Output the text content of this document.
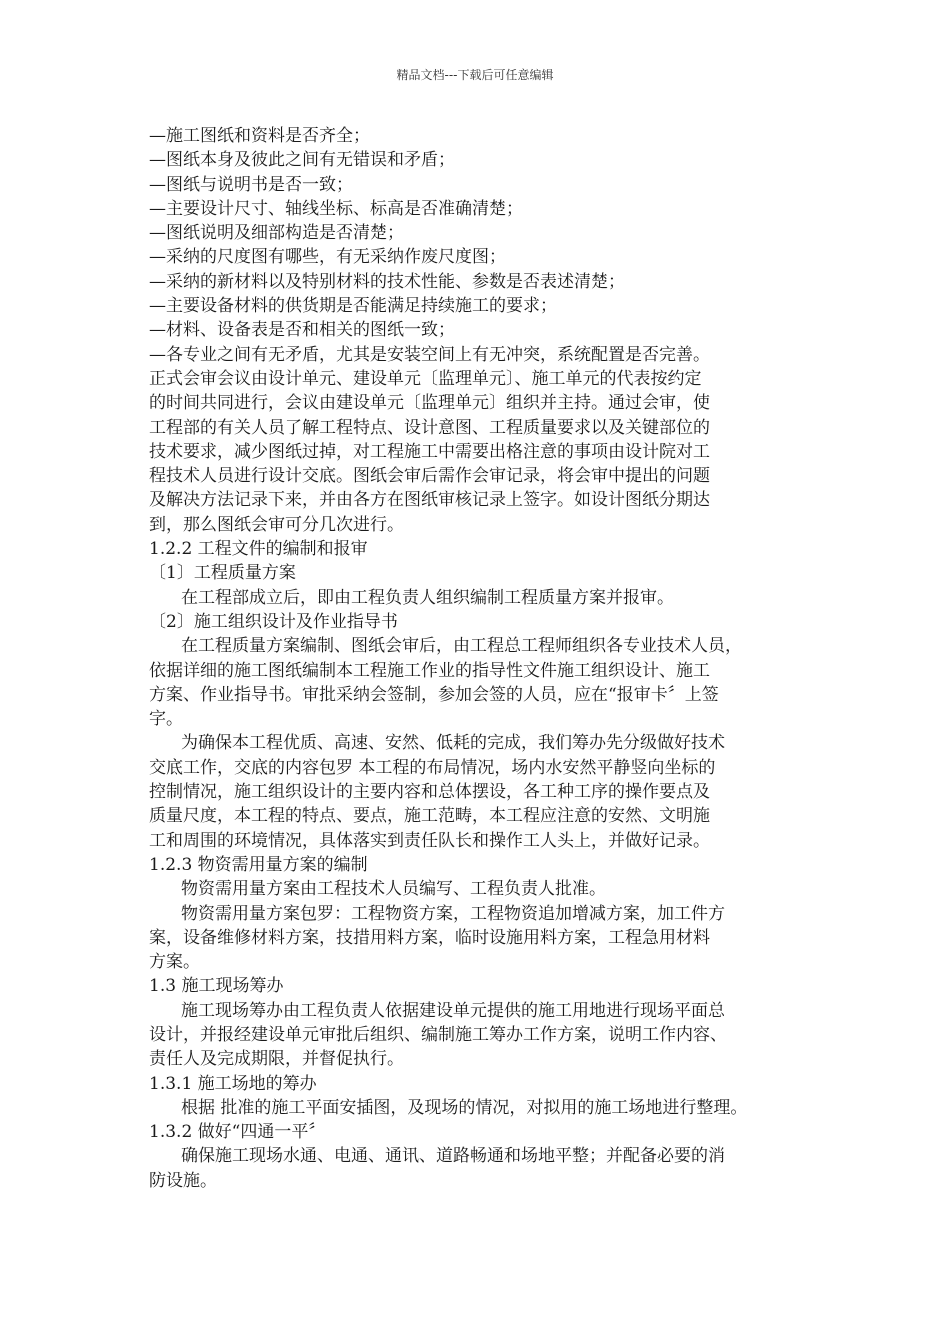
精品文档---下载后可任意编辑
—施工图纸和资料是否齐全；
—图纸本身及彼此之间有无错误和矛盾；
—图纸与说明书是否一致；
—主要设计尺寸、轴线坐标、标高是否准确清楚；
—图纸说明及细部构造是否清楚；
—采纳的尺度图有哪些，有无采纳作废尺度图；
—采纳的新材料以及特别材料的技术性能、参数是否表述清楚；
—主要设备材料的供货期是否能满足持续施工的要求；
—材料、设备表是否和相关的图纸一致；
—各专业之间有无矛盾，尤其是安装空间上有无冲突，系统配置是否完善。
正式会审会议由设计单元、建设单元〔监理单元〕、施工单元的代表按约定
的时间共同进行，会议由建设单元〔监理单元〕组织并主持。通过会审，使
工程部的有关人员了解工程特点、设计意图、工程质量要求以及关键部位的
技术要求，减少图纸过掉，对工程施工中需要出格注意的事项由设计院对工
程技术人员进行设计交底。图纸会审后需作会审记录，将会审中提出的问题
及解决方法记录下来，并由各方在图纸审核记录上签字。如设计图纸分期达
到，那么图纸会审可分几次进行。
1.2.2 工程文件的编制和报审
〔1〕工程质量方案
在工程部成立后，即由工程负责人组织编制工程质量方案并报审。
〔2〕施工组织设计及作业指导书
在工程质量方案编制、图纸会审后，由工程总工程师组织各专业技术人员，
依据详细的施工图纸编制本工程施工作业的指导性文件施工组织设计、施工
方案、作业指导书。审批采纳会签制，参加会签的人员，应在“报审卡〞上签
字。
为确保本工程优质、高速、安然、低耗的完成，我们筹办先分级做好技术
交底工作，交底的内容包罗 本工程的布局情况，场内水安然平静竖向坐标的
控制情况，施工组织设计的主要内容和总体摆设，各工种工序的操作要点及
质量尺度，本工程的特点、要点，施工范畴，本工程应注意的安然、文明施
工和周围的环境情况，具体落实到责任队长和操作工人头上，并做好记录。
1.2.3 物资需用量方案的编制
物资需用量方案由工程技术人员编写、工程负责人批准。
物资需用量方案包罗：工程物资方案，工程物资追加增减方案，加工件方
案，设备维修材料方案，技措用料方案，临时设施用料方案，工程急用材料
方案。
1.3 施工现场筹办
施工现场筹办由工程负责人依据建设单元提供的施工用地进行现场平面总
设计，并报经建设单元审批后组织、编制施工筹办工作方案，说明工作内容、
责任人及完成期限，并督促执行。
1.3.1 施工场地的筹办
根据 批准的施工平面安插图，及现场的情况，对拟用的施工场地进行整理。
1.3.2 做好“四通一平〞
确保施工现场水通、电通、通讯、道路畅通和场地平整；并配备必要的消
防设施。
